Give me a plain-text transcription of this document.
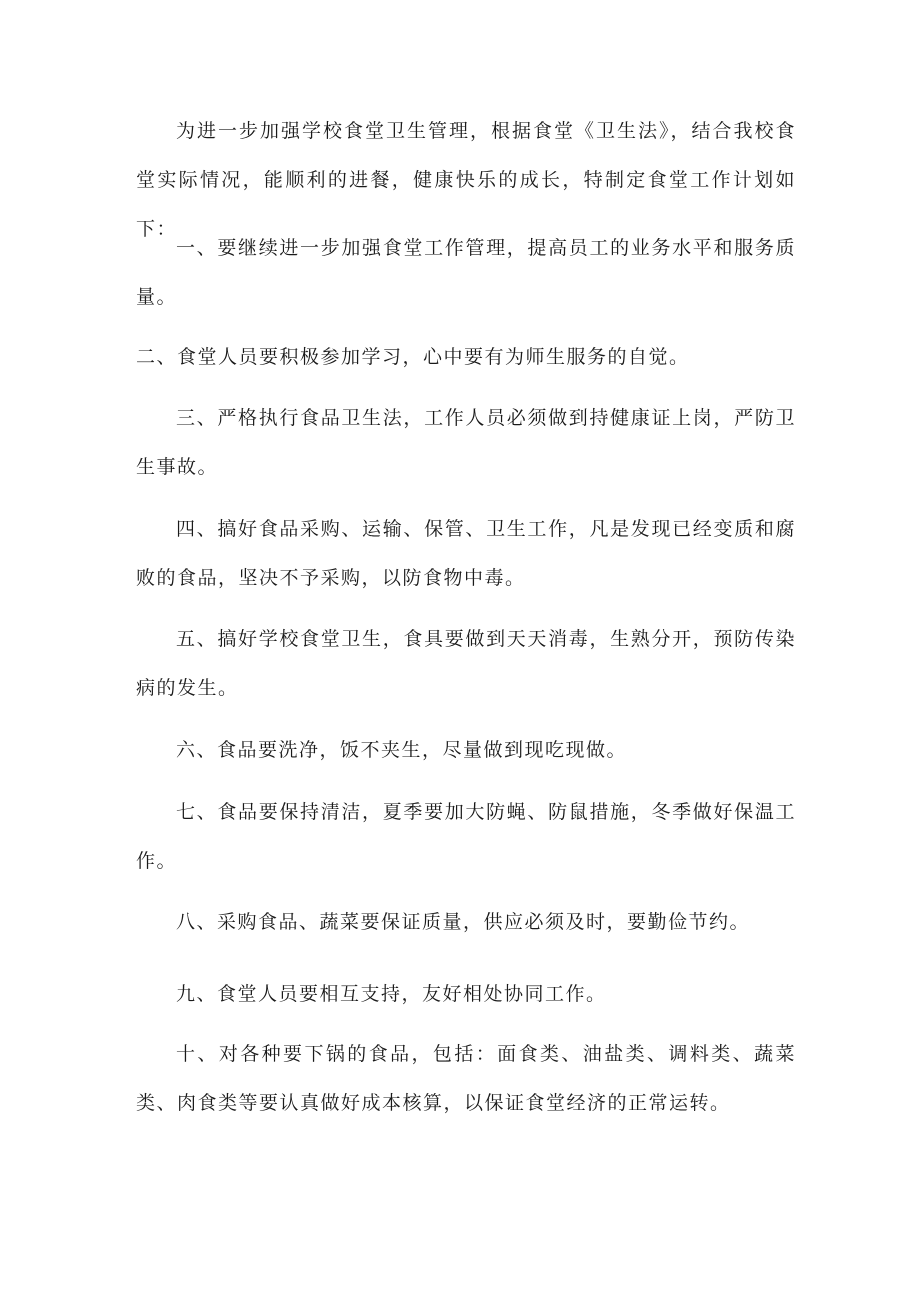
为进一步加强学校食堂卫生管理，根据食堂《卫生法》，结合我校食堂实际情况，能顺利的进餐，健康快乐的成长，特制定食堂工作计划如下：

一、要继续进一步加强食堂工作管理，提高员工的业务水平和服务质量。

二、食堂人员要积极参加学习，心中要有为师生服务的自觉。

三、严格执行食品卫生法，工作人员必须做到持健康证上岗，严防卫生事故。

四、搞好食品采购、运输、保管、卫生工作，凡是发现已经变质和腐败的食品，坚决不予采购，以防食物中毒。

五、搞好学校食堂卫生，食具要做到天天消毒，生熟分开，预防传染病的发生。

六、食品要洗净，饭不夹生，尽量做到现吃现做。

七、食品要保持清洁，夏季要加大防蝇、防鼠措施，冬季做好保温工作。

八、采购食品、蔬菜要保证质量，供应必须及时，要勤俭节约。

九、食堂人员要相互支持，友好相处协同工作。

十、对各种要下锅的食品，包括：面食类、油盐类、调料类、蔬菜类、肉食类等要认真做好成本核算，以保证食堂经济的正常运转。
